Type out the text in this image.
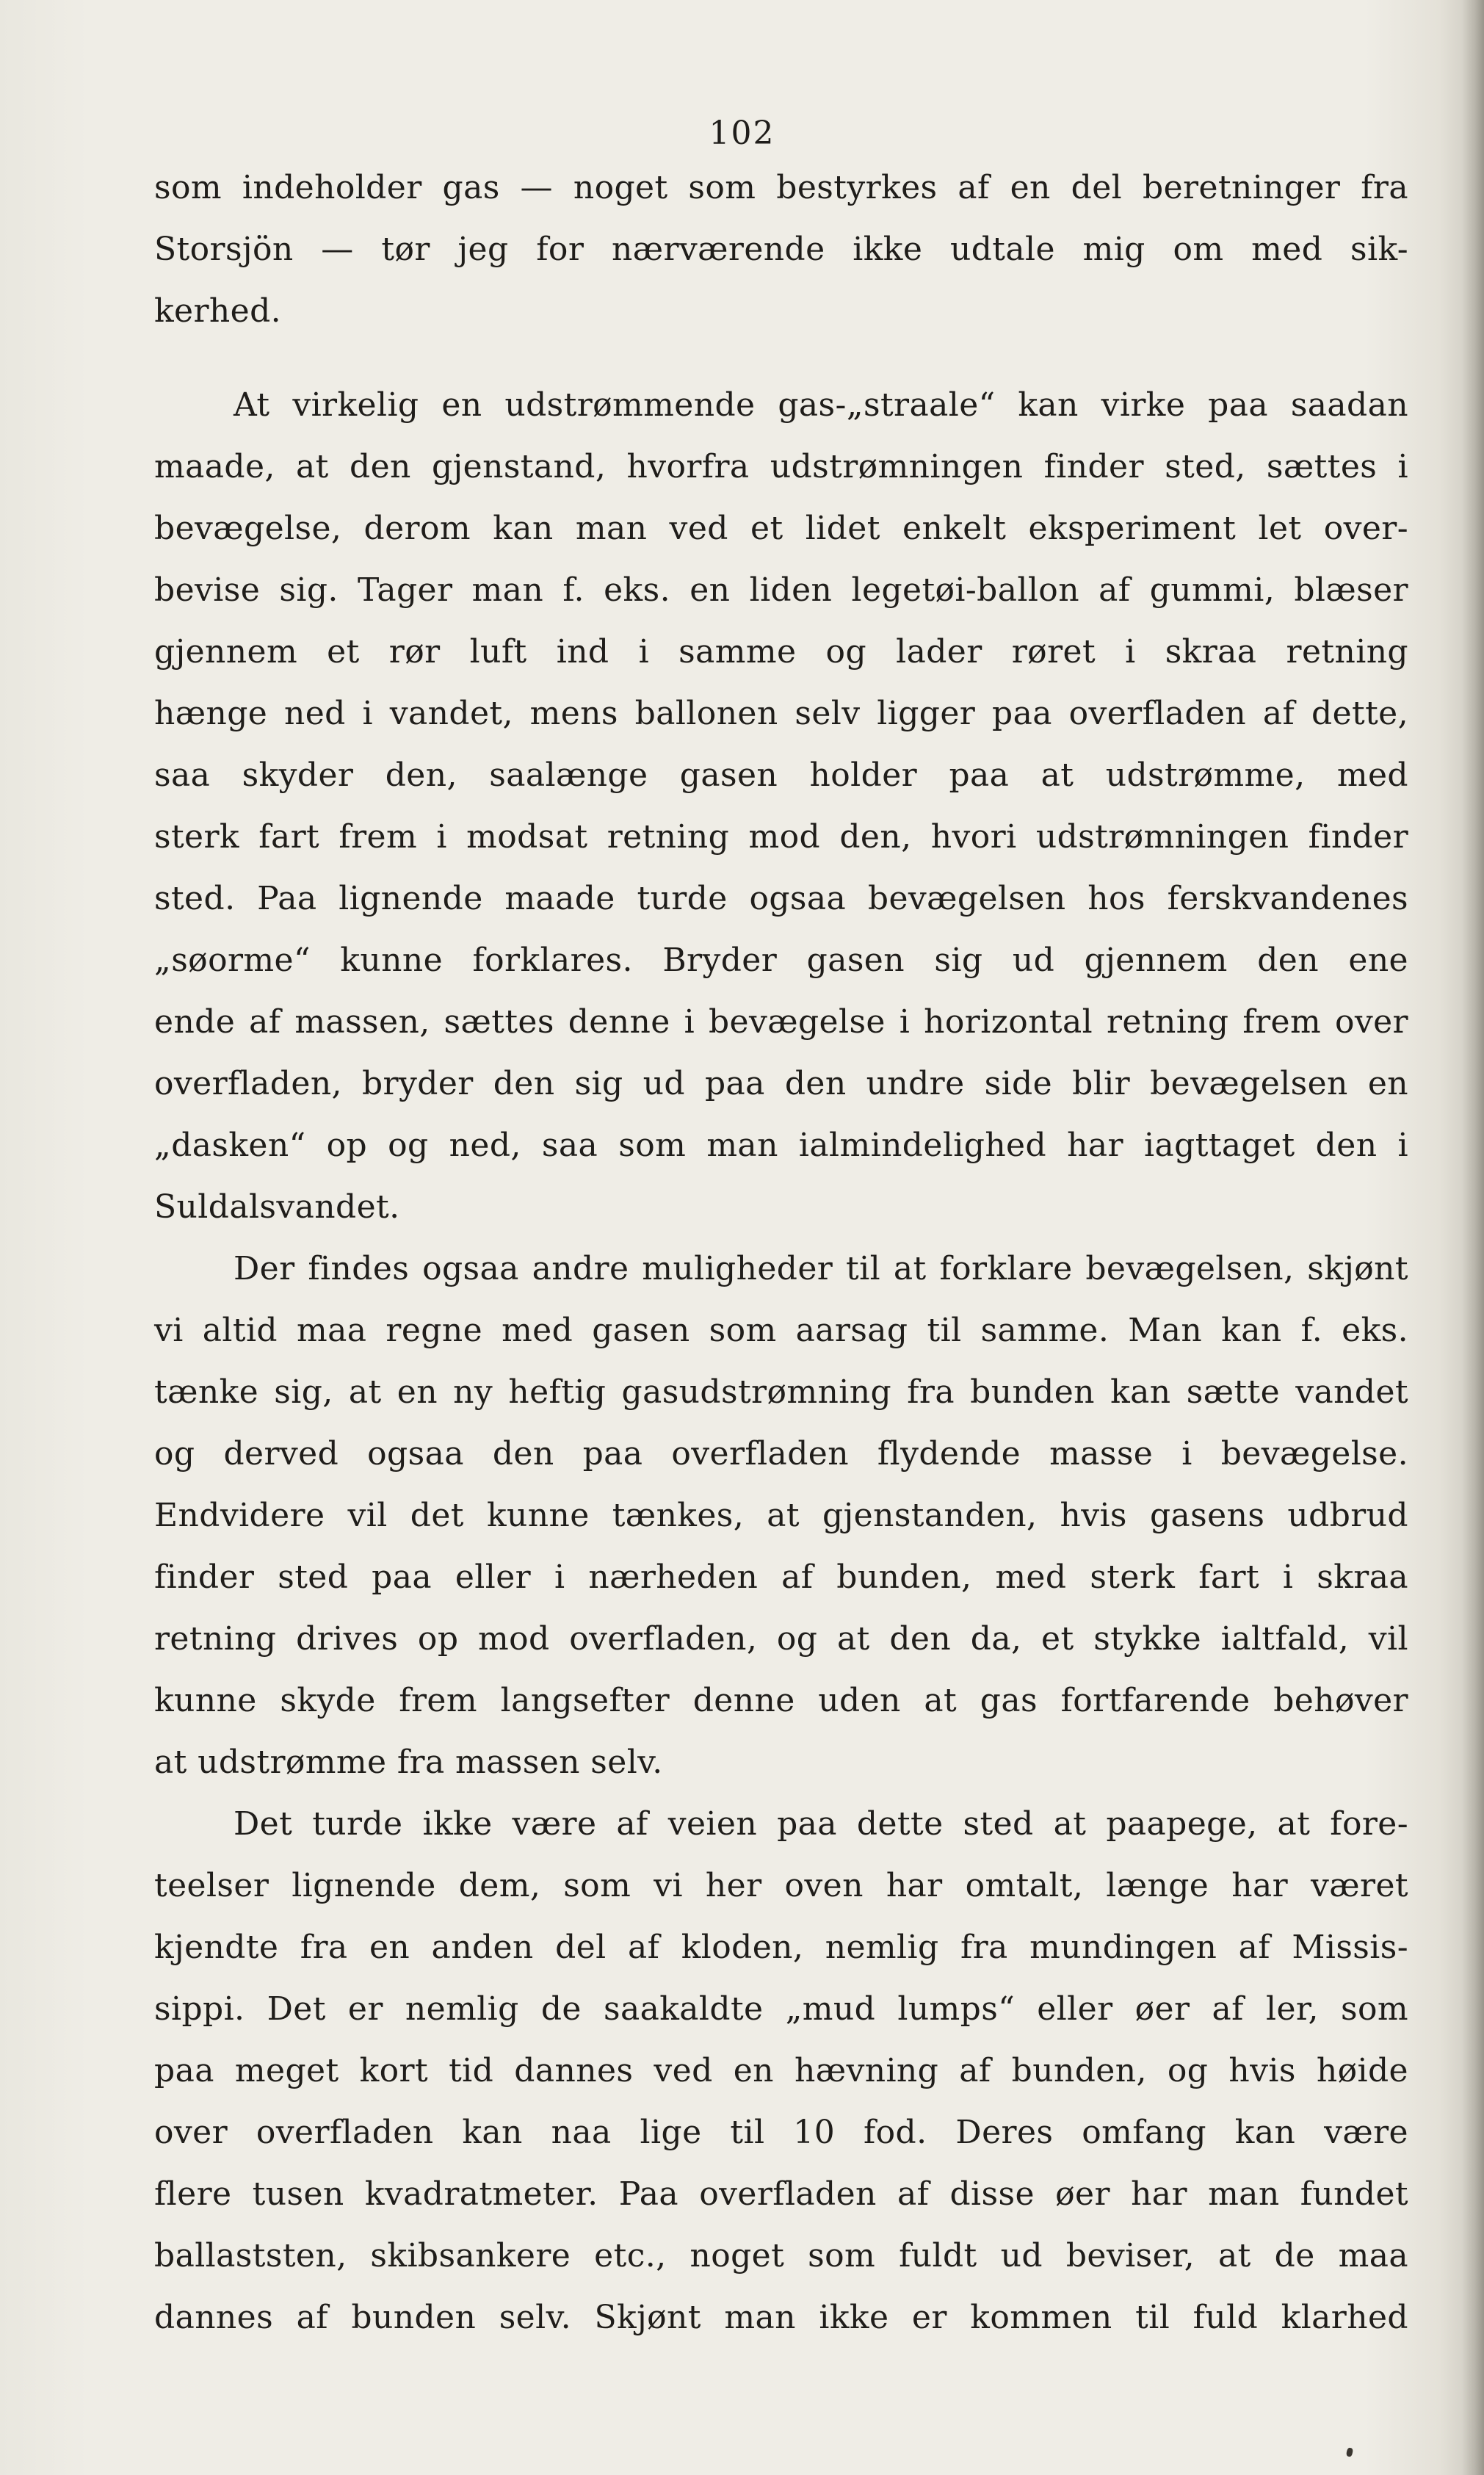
102
som indeholder gas — noget som bestyrkes af en del beretninger fra
Storsjön — tør jeg for nærværende ikke udtale mig om med sik-
kerhed.
At virkelig en udstrømmende gas-„straale“ kan virke paa saadan
maade, at den gjenstand, hvorfra udstrømningen finder sted, sættes i
bevægelse, derom kan man ved et lidet enkelt eksperiment let over-
bevise sig. Tager man f. eks. en liden legetøi-ballon af gummi, blæser
gjennem et rør luft ind i samme og lader røret i skraa retning
hænge ned i vandet, mens ballonen selv ligger paa overfladen af dette,
saa skyder den, saalænge gasen holder paa at udstrømme, med
sterk fart frem i modsat retning mod den, hvori udstrømningen finder
sted. Paa lignende maade turde ogsaa bevægelsen hos ferskvandenes
„søorme“ kunne forklares. Bryder gasen sig ud gjennem den ene
ende af massen, sættes denne i bevægelse i horizontal retning frem over
overfladen, bryder den sig ud paa den undre side blir bevægelsen en
„dasken“ op og ned, saa som man ialmindelighed har iagttaget den i
Suldalsvandet.
Der findes ogsaa andre muligheder til at forklare bevægelsen, skjønt
vi altid maa regne med gasen som aarsag til samme. Man kan f. eks.
tænke sig, at en ny heftig gasudstrømning fra bunden kan sætte vandet
og derved ogsaa den paa overfladen flydende masse i bevægelse.
Endvidere vil det kunne tænkes, at gjenstanden, hvis gasens udbrud
finder sted paa eller i nærheden af bunden, med sterk fart i skraa
retning drives op mod overfladen, og at den da, et stykke ialtfald, vil
kunne skyde frem langsefter denne uden at gas fortfarende behøver
at udstrømme fra massen selv.
Det turde ikke være af veien paa dette sted at paapege, at fore-
teelser lignende dem, som vi her oven har omtalt, længe har været
kjendte fra en anden del af kloden, nemlig fra mundingen af Missis-
sippi. Det er nemlig de saakaldte „mud lumps“ eller øer af ler, som
paa meget kort tid dannes ved en hævning af bunden, og hvis høide
over overfladen kan naa lige til 10 fod. Deres omfang kan være
flere tusen kvadratmeter. Paa overfladen af disse øer har man fundet
ballaststen, skibsankere etc., noget som fuldt ud beviser, at de maa
dannes af bunden selv. Skjønt man ikke er kommen til fuld klarhed
